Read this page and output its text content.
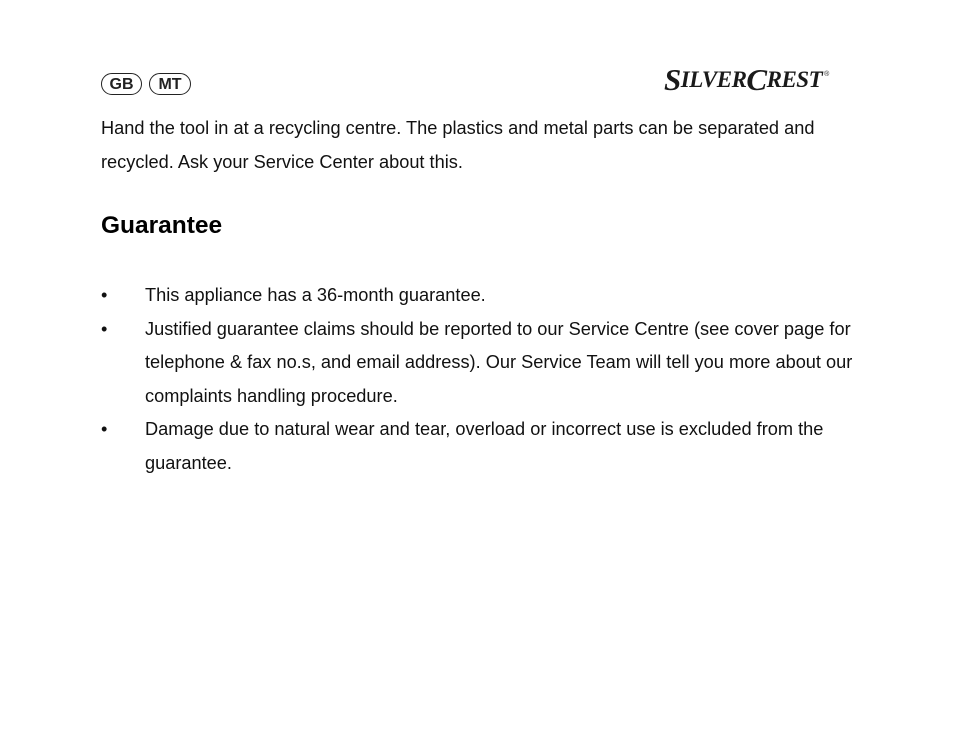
GB	MT	S ILVER C REST ®

Hand the tool in at a recycling centre. The plastics and metal parts can be separated and recycled. Ask your Service Center about this.

Guarantee
• This appliance has a 36-month guarantee.
• Justified guarantee claims should be reported to our Service Centre (see cover page for telephone & fax no.s, and email address). Our Service Team will tell you more about our complaints handling procedure.
• Damage due to natural wear and tear, overload or incorrect use is excluded from the guarantee.
